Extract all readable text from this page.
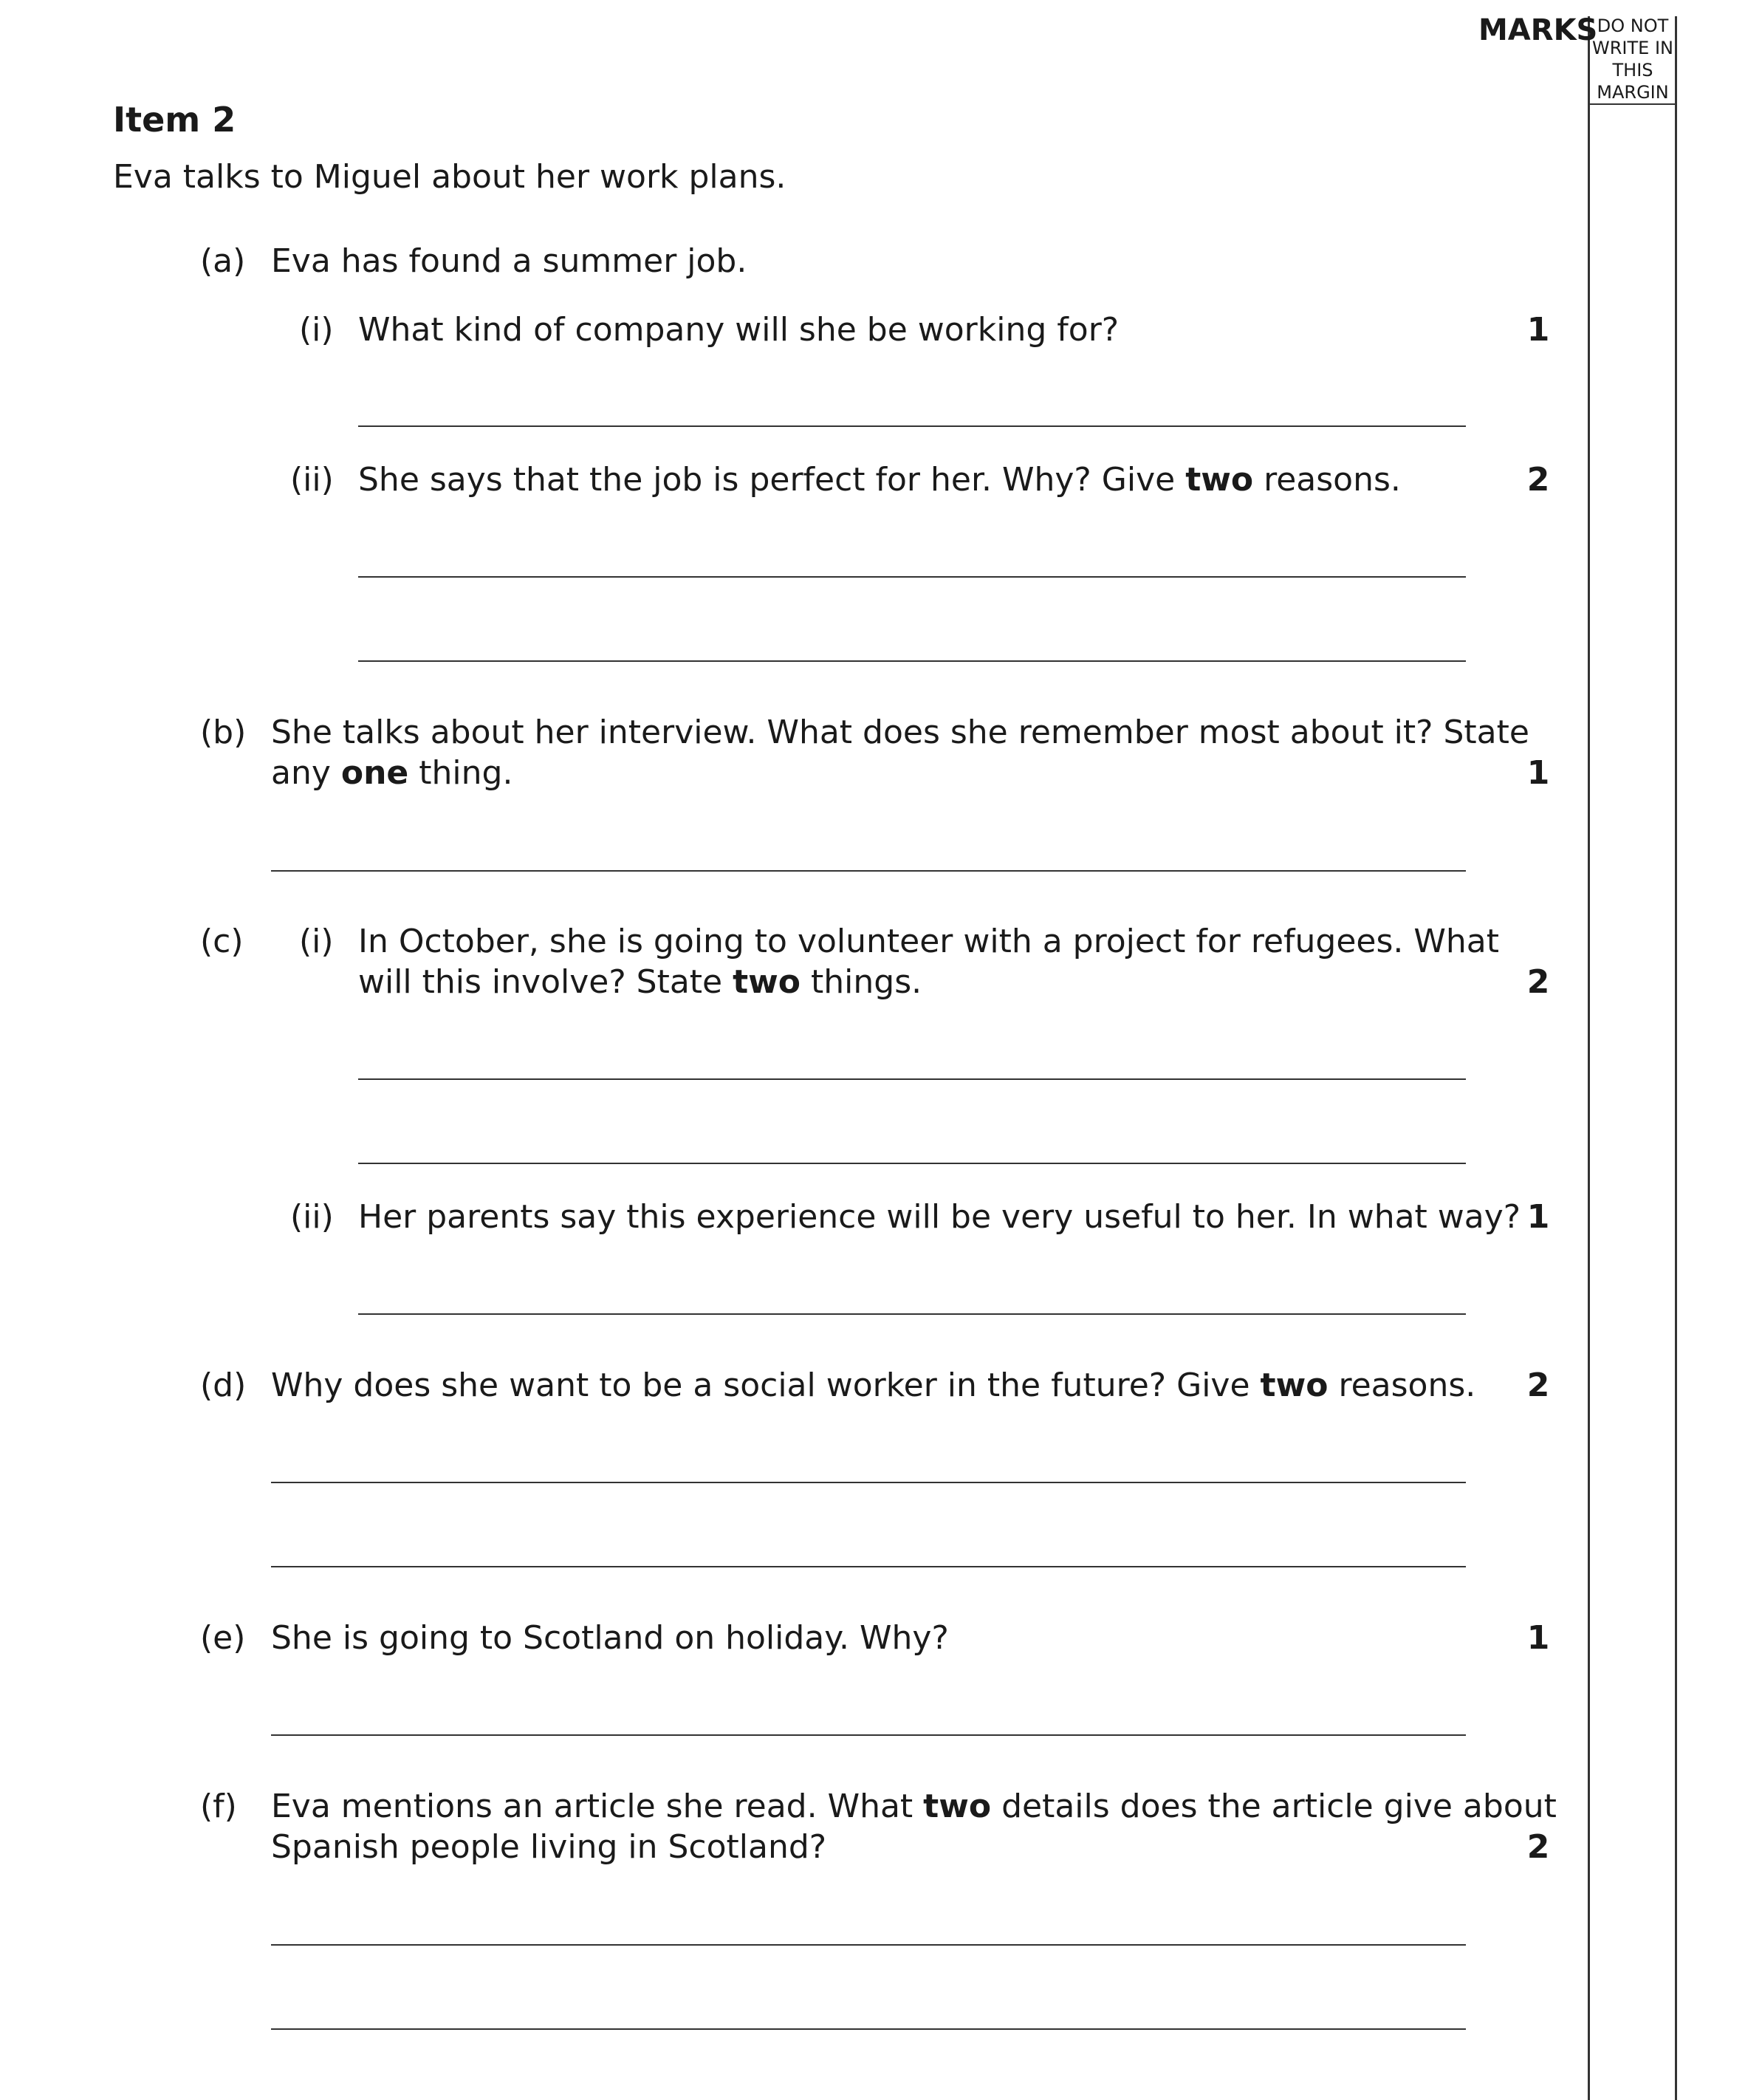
MARKS DO NOT
WRITE IN
THIS
MARGIN
Item 2
Eva talks to Miguel about her work plans.
(a) Eva has found a summer job.
(i) What kind of company will she be working for?	1
(ii) She says that the job is perfect for her. Why? Give two reasons.	2
(b) She talks about her interview. What does she remember most about it? State
any one thing.	1
(c) (i) In October, she is going to volunteer with a project for refugees. What
will this involve? State two things.	2
(ii) Her parents say this experience will be very useful to her. In what way? 1
(d) Why does she want to be a social worker in the future? Give two reasons. 2
(e) She is going to Scotland on holiday. Why?	1
(f) Eva mentions an article she read. What two details does the article give about
Spanish people living in Scotland?	2
